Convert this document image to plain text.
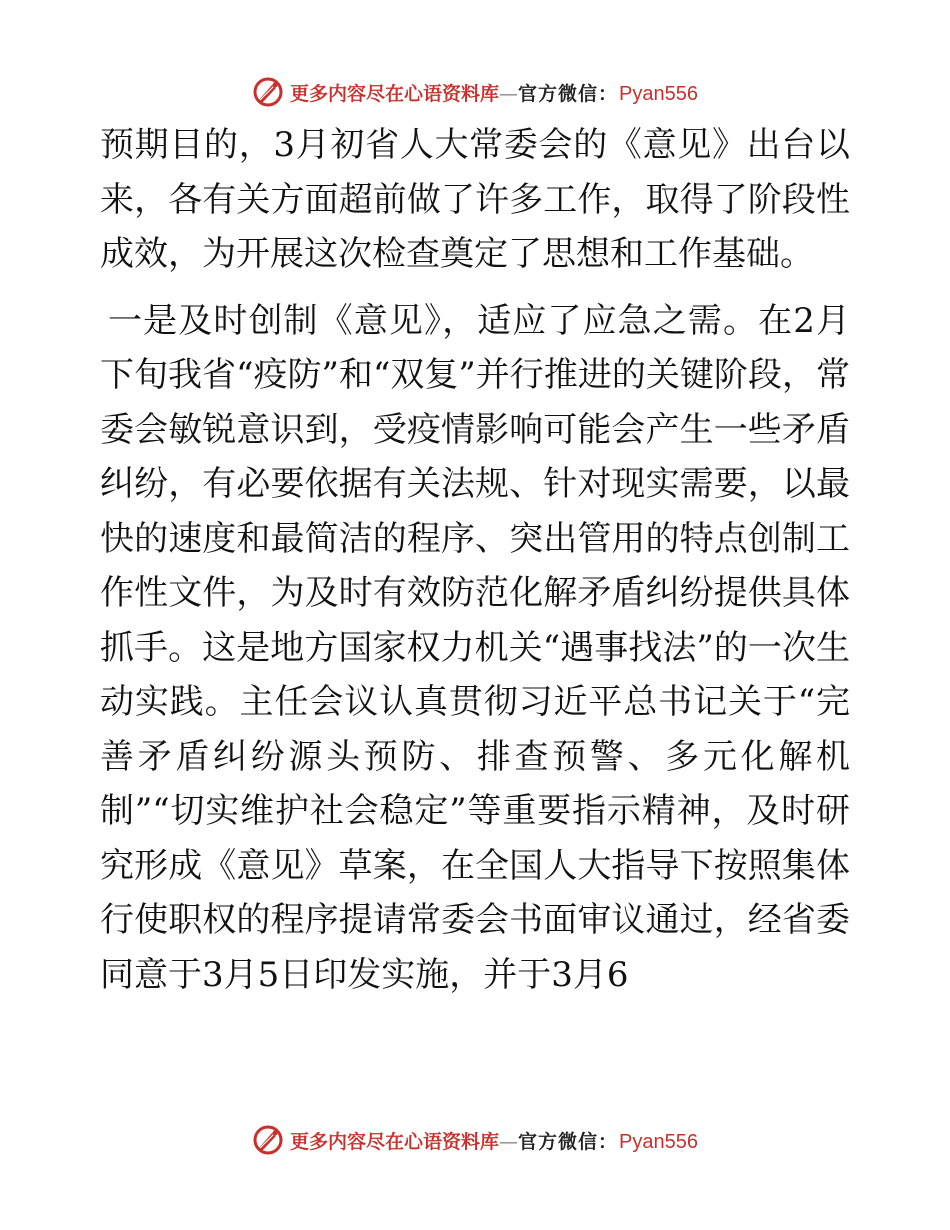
更多内容尽在心语资料库 — 官方微信 ： Pyan556

预期目的，3月初省人大常委会的《意见》出台以来，各有关方面超前做了许多工作，取得了阶段性成效，为开展这次检查奠定了思想和工作基础。

一是及时创制《意见》，适应了应急之需。在2月下旬我省“疫防”和“双复”并行推进的关键阶段，常委会敏锐意识到，受疫情影响可能会产生一些矛盾纠纷，有必要依据有关法规、针对现实需要，以最快的速度和最简洁的程序、突出管用的特点创制工作性文件，为及时有效防范化解矛盾纠纷提供具体抓手。这是地方国家权力机关“遇事找法”的一次生动实践。主任会议认真贯彻习近平总书记关于“完善矛盾纠纷源头预防、排查预警、多元化解机制”“切实维护社会稳定”等重要指示精神，及时研究形成《意见》草案，在全国人大指导下按照集体行使职权的程序提请常委会书面审议通过，经省委同意于3月5日印发实施，并于3月6

更多内容尽在心语资料库 — 官方微信 ： Pyan556
